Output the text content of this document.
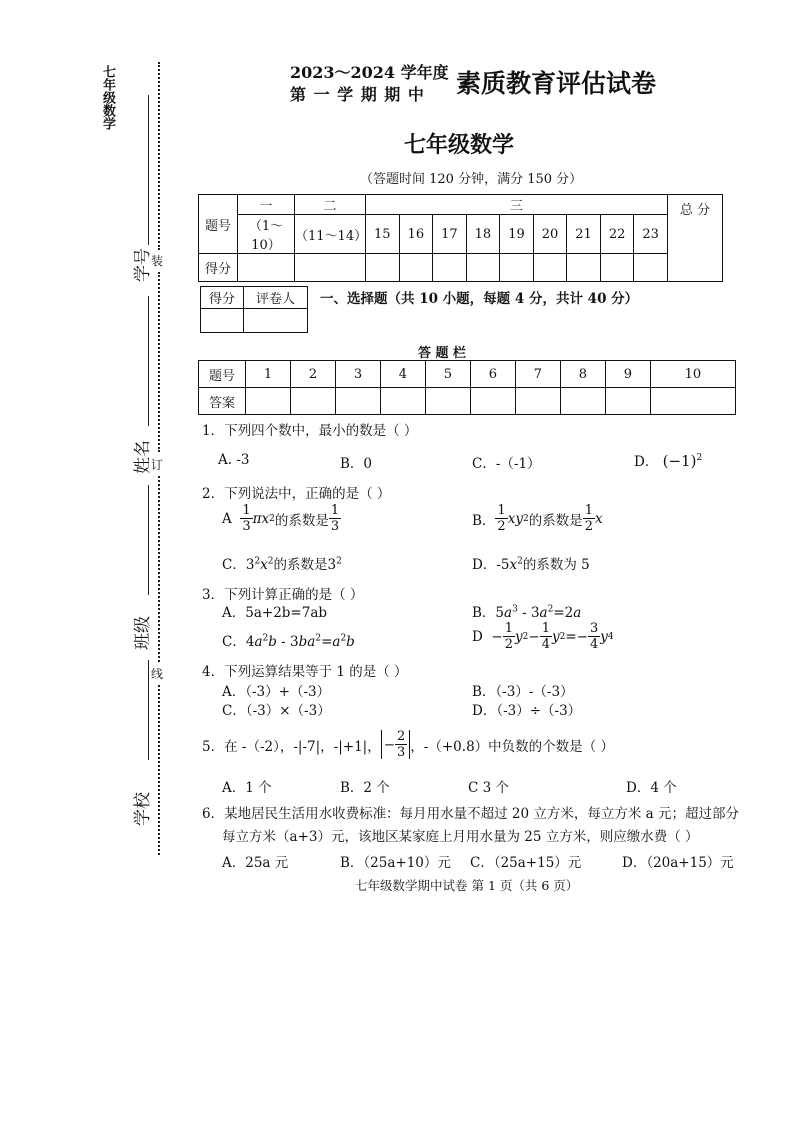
七年级数学
学号
姓名
班级
学校
装
订
线
2023～2024 学年度
第 一 学 期 期 中 素质教育评估试卷
七年级数学
（答题时间 120 分钟，满分 150 分）
题号	一	二	三									总 分
	（1～10）	（11～14）	15	16	17	18	19	20	21	22	23	
得分												
得分	评卷人
	一、选择题（共 10 小题，每题 4 分，共计 40 分）
答 题 栏
题号	1	2	3	4	5	6	7	8	9	10
答案										
1．下列四个数中，最小的数是（ ）
A. -3	B．0	C．-（-1）	D． $(-1)^2$
2．下列说法中，正确的是（ ）
A
$\frac{1}{3}$ πx 2 的系数是 $\frac{1}{3}$	B． $\frac{1}{2}$ xy 2 的系数是 $\frac{1}{2}$ x
C．$3^2x^2$的系数是$3^2$	D．$-5x^2$的系数为 5
3．下列计算正确的是（ ）
A．5a+2b=7ab	B．$5a^3 - 3a^2=2a$
C．$4a^2b - 3ba^2=a^2b$	$D - \frac{1}{2}$ y $2 - \frac{1}{4}$ y $2 =- \frac{3}{4}$ y 4
4．下列运算结果等于 1 的是（ ）
A．（-3）+（-3）	B．（-3）-（-3）
C．（-3）×（-3）	D．（-3）÷（-3）
5．在 -（-2），-|-7|，-|+1|， − $\frac{2}{3}$ ，-（+0.8）中负数的个数是（ ）
A．1 个	B．2 个	C 3 个	D．4 个
6．某地居民生活用水收费标准：每月用水量不超过 20 立方米，每立方米 a 元；超过部分
每立方米（a+3）元，该地区某家庭上月用水量为 25 立方米，则应缴水费（ ）
A．25a 元	B．（25a+10）元 C．（25a+15）元	D．（20a+15）元
七年级数学期中试卷 第 1 页（共 6 页）
